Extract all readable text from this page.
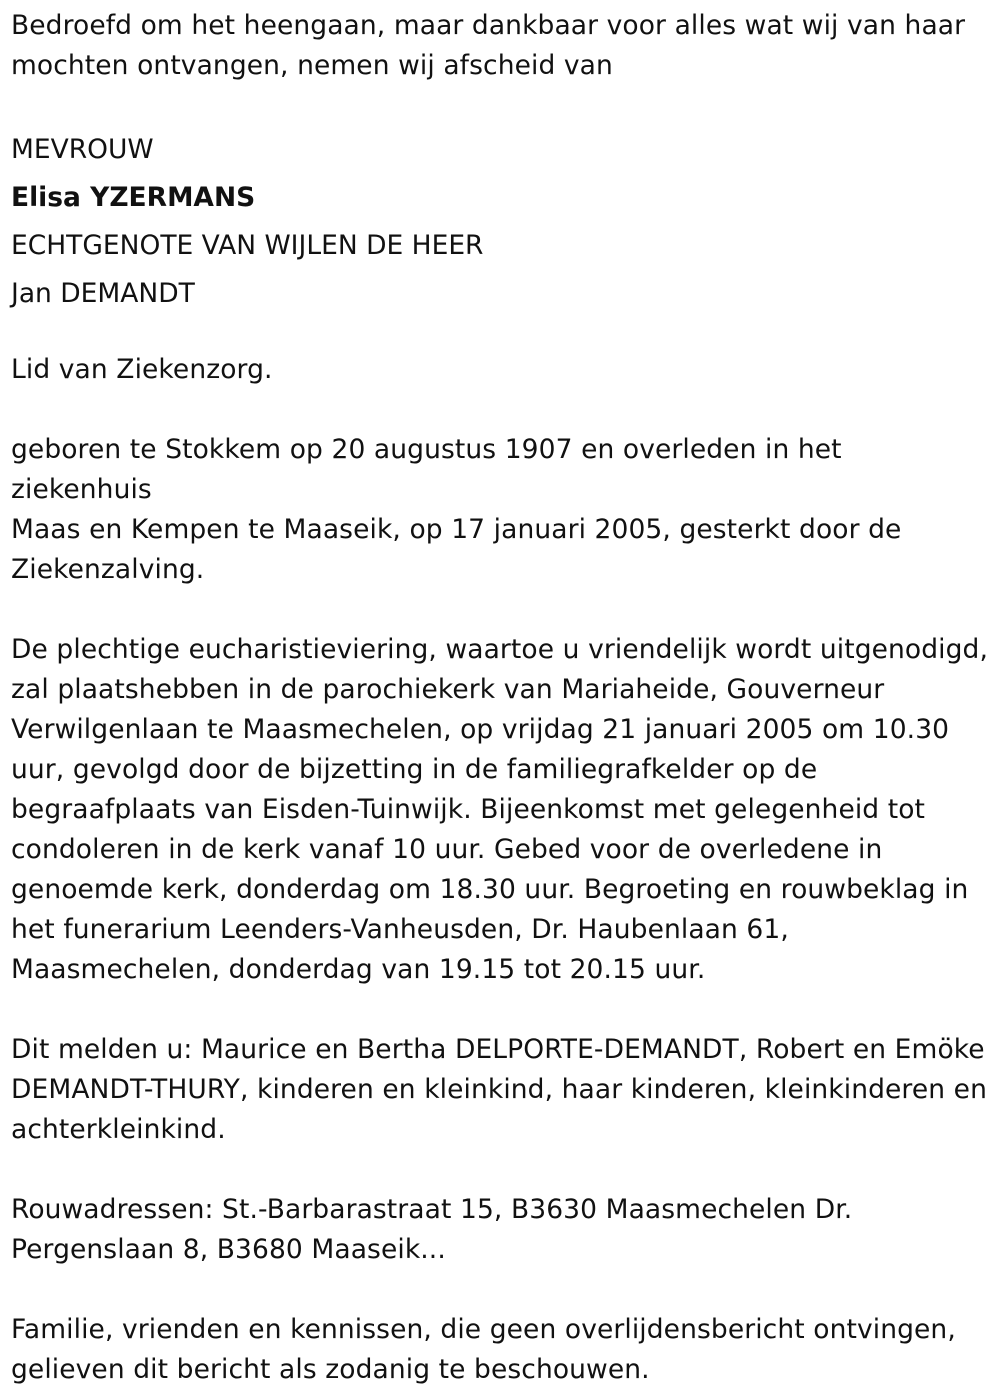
Bedroefd om het heengaan, maar dankbaar voor alles wat wij van haar

mochten ontvangen, nemen wij afscheid van

MEVROUW

Elisa YZERMANS

ECHTGENOTE VAN WIJLEN DE HEER

Jan DEMANDT

Lid van Ziekenzorg.

geboren te Stokkem op 20 augustus 1907 en overleden in het ziekenhuis

Maas en Kempen te Maaseik, op 17 januari 2005, gesterkt door de

Ziekenzalving.

De plechtige eucharistieviering, waartoe u vriendelijk wordt uitgenodigd,

zal plaatshebben in de parochiekerk van Mariaheide, Gouverneur

Verwilgenlaan te Maasmechelen, op vrijdag 21 januari 2005 om 10.30

uur, gevolgd door de bijzetting in de familiegrafkelder op de

begraafplaats van Eisden-Tuinwijk. Bijeenkomst met gelegenheid tot

condoleren in de kerk vanaf 10 uur. Gebed voor de overledene in

genoemde kerk, donderdag om 18.30 uur. Begroeting en rouwbeklag in

het funerarium Leenders-Vanheusden, Dr. Haubenlaan 61,

Maasmechelen, donderdag van 19.15 tot 20.15 uur.

Dit melden u: Maurice en Bertha DELPORTE-DEMANDT, Robert en Emöke

DEMANDT-THURY, kinderen en kleinkind, haar kinderen, kleinkinderen en

achterkleinkind.

Rouwadressen: St.-Barbarastraat 15, B3630 Maasmechelen Dr.

Pergenslaan 8, B3680 Maaseik...

Familie, vrienden en kennissen, die geen overlijdensbericht ontvingen,

gelieven dit bericht als zodanig te beschouwen.
